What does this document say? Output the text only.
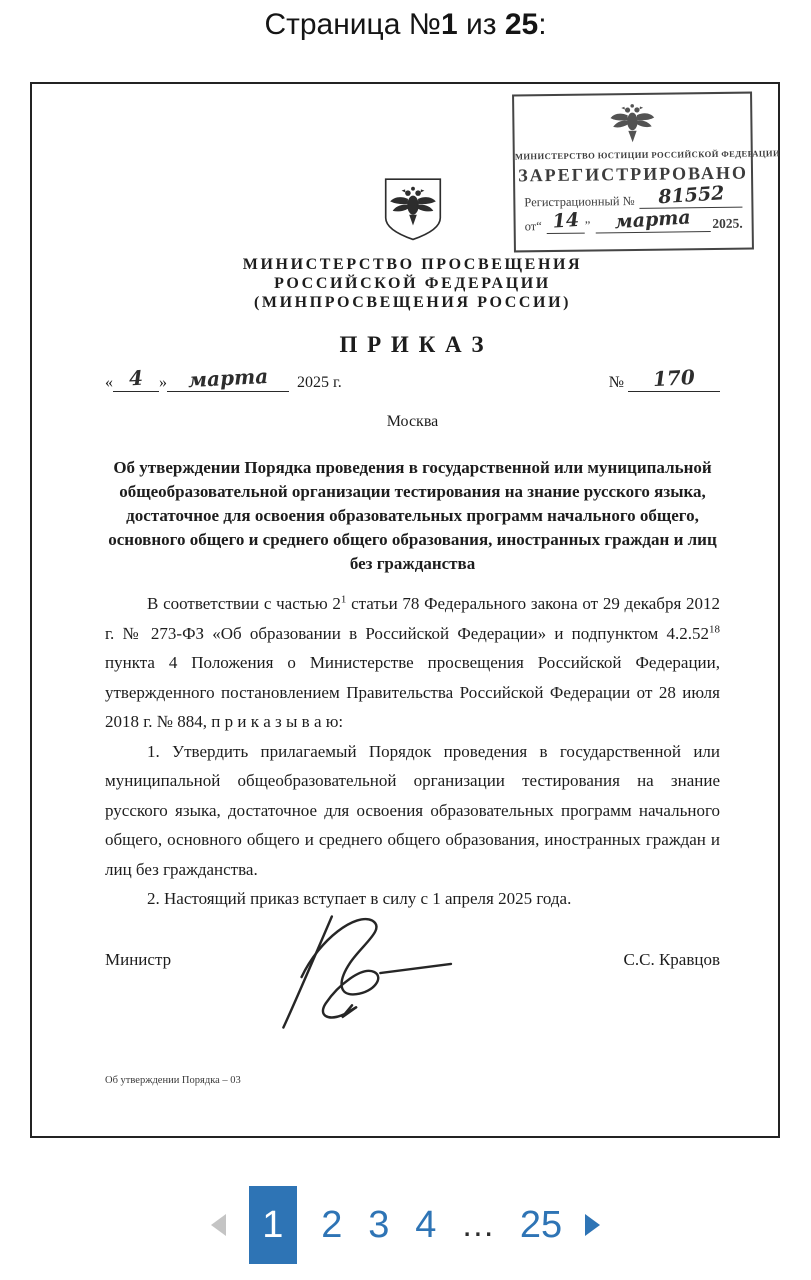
Страница №1 из 25:
МИНИСТЕРСТВО ЮСТИЦИИ РОССИЙСКОЙ ФЕДЕРАЦИИ
ЗАРЕГИСТРИРОВАНО
Регистрационный №	81552
от “ 14 ”	марта	2025.
МИНИСТЕРСТВО ПРОСВЕЩЕНИЯ
РОССИЙСКОЙ ФЕДЕРАЦИИ
(МИНПРОСВЕЩЕНИЯ РОССИИ)
П Р И К А З
« 4 »	марта	2025 г.	№	170
Москва
Об утверждении Порядка проведения в государственной или муниципальной общеобразовательной организации тестирования на знание русского языка, достаточное для освоения образовательных программ начального общего, основного общего и среднего общего образования, иностранных граждан и лиц без гражданства

В соответствии с частью $2^1$ статьи 78 Федерального закона от 29 декабря 2012 г. № 273-ФЗ «Об образовании в Российской Федерации» и подпунктом 4.2.52$^{18}$ пункта 4 Положения о Министерстве просвещения Российской Федерации, утвержденного постановлением Правительства Российской Федерации от 28 июля 2018 г. № 884, п р и к а з ы в а ю:

1. Утвердить прилагаемый Порядок проведения в государственной или муниципальной общеобразовательной организации тестирования на знание русского языка, достаточное для освоения образовательных программ начального общего, основного общего и среднего общего образования, иностранных граждан и лиц без гражданства.

2. Настоящий приказ вступает в силу с 1 апреля 2025 года.

Министр	С.С. Кравцов
Об утверждении Порядка – 03
1 2 3 4 … 25
